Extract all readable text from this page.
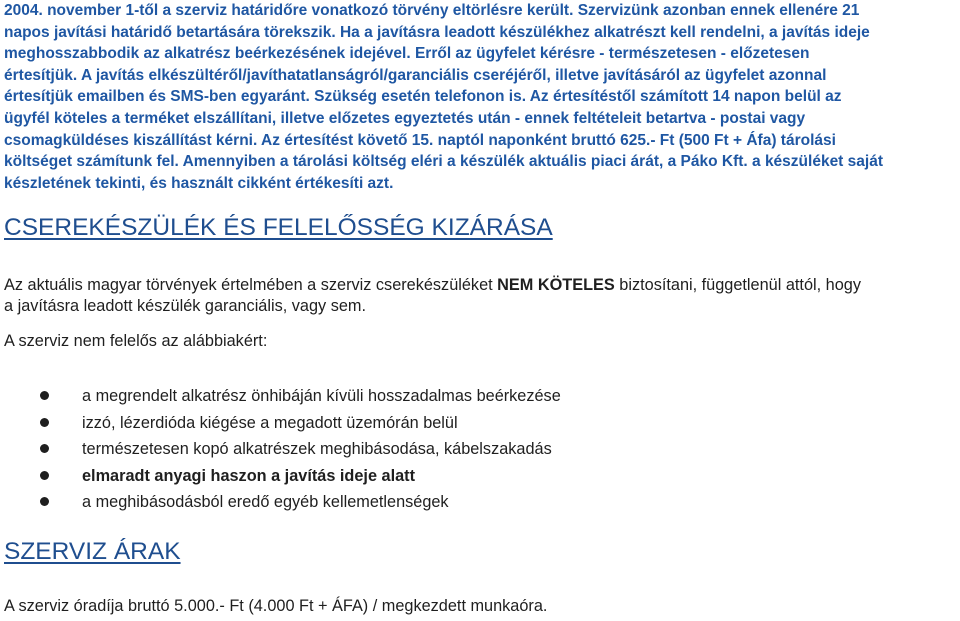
2004. november 1-től a szerviz határidőre vonatkozó törvény eltörlésre került. Szervizünk azonban ennek ellenére 21
napos javítási határidő betartására törekszik. Ha a javításra leadott készülékhez alkatrészt kell rendelni, a javítás ideje
meghosszabbodik az alkatrész beérkezésének idejével. Erről az ügyfelet kérésre - természetesen - előzetesen
értesítjük. A javítás elkészültéről/javíthatatlanságról/garanciális cseréjéről, illetve javításáról az ügyfelet azonnal
értesítjük emailben és SMS-ben egyaránt. Szükség esetén telefonon is. Az értesítéstől számított 14 napon belül az
ügyfél köteles a terméket elszállítani, illetve előzetes egyeztetés után - ennek feltételeit betartva - postai vagy
csomagküldéses kiszállítást kérni. Az értesítést követő 15. naptól naponként bruttó 625.- Ft (500 Ft + Áfa) tárolási
költséget számítunk fel. Amennyiben a tárolási költség eléri a készülék aktuális piaci árát, a Páko Kft. a készüléket saját
készletének tekinti, és használt cikként értékesíti azt.
CSEREKÉSZÜLÉK ÉS FELELŐSSÉG KIZÁRÁSA
Az aktuális magyar törvények értelmében a szerviz cserekészüléket NEM KÖTELES biztosítani, függetlenül attól, hogy
a javításra leadott készülék garanciális, vagy sem.
A szerviz nem felelős az alábbiakért:
a megrendelt alkatrész önhibáján kívüli hosszadalmas beérkezése
izzó, lézerdióda kiégése a megadott üzemórán belül
természetesen kopó alkatrészek meghibásodása, kábelszakadás
elmaradt anyagi haszon a javítás ideje alatt
a meghibásodásból eredő egyéb kellemetlenségek
SZERVIZ ÁRAK
A szerviz óradíja bruttó 5.000.- Ft (4.000 Ft + ÁFA) / megkezdett munkaóra.
